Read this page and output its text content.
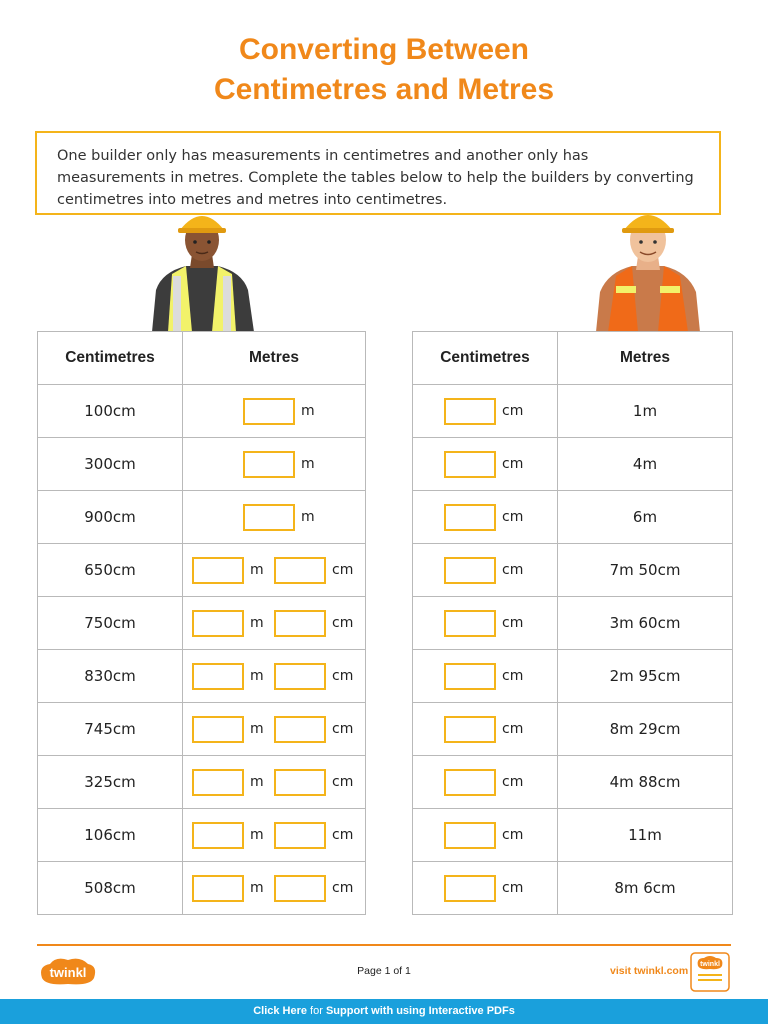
Converting Between
Centimetres and Metres
One builder only has measurements in centimetres and another only has measurements in metres. Complete the tables below to help the builders by converting centimetres into metres and metres into centimetres.
Centimetres	Metres
100cm	m

300cm	m

900cm	m

650cm	m cm

750cm	m cm

830cm	m cm

745cm	m cm

325cm	m cm

106cm	m cm

508cm	m cm
Centimetres	Metres

cm	1m

cm	4m

cm	6m

cm	7m 50cm

cm	3m 60cm

cm	2m 95cm

cm	8m 29cm

cm	4m 88cm

cm	11m

cm	8m 6cm
twinkl	Page 1 of 1	visit twinkl.com
twinkl
Click Here for Support with using Interactive PDFs
